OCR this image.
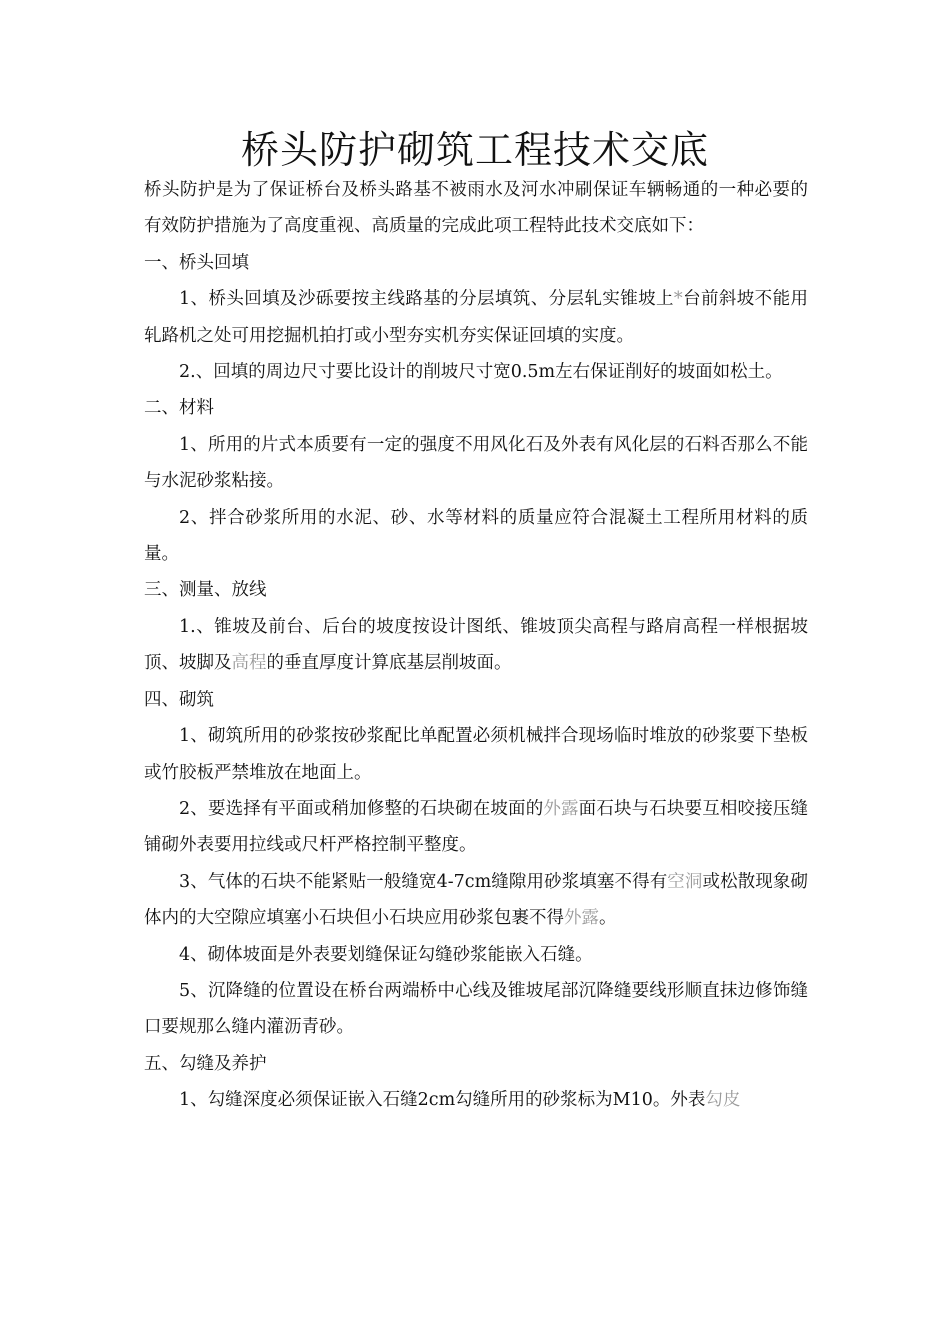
桥头防护砌筑工程技术交底

桥头防护是为了保证桥台及桥头路基不被雨水及河水冲刷保证车辆畅通的一种必要的有效防护措施为了高度重视、高质量的完成此项工程特此技术交底如下：

一、桥头回填

1、桥头回填及沙砾要按主线路基的分层填筑、分层轧实锥坡上*台前斜坡不能用轧路机之处可用挖掘机拍打或小型夯实机夯实保证回填的实度。

2.、回填的周边尺寸要比设计的削坡尺寸宽0.5m左右保证削好的坡面如松土。

二、材料

1、所用的片式本质要有一定的强度不用风化石及外表有风化层的石料否那么不能与水泥砂浆粘接。

2、拌合砂浆所用的水泥、砂、水等材料的质量应符合混凝土工程所用材料的质量。

三、测量、放线

1.、锥坡及前台、后台的坡度按设计图纸、锥坡顶尖高程与路肩高程一样根据坡顶、坡脚及高程的垂直厚度计算底基层削坡面。

四、砌筑

1、砌筑所用的砂浆按砂浆配比单配置必须机械拌合现场临时堆放的砂浆要下垫板或竹胶板严禁堆放在地面上。

2、要选择有平面或稍加修整的石块砌在坡面的外露面石块与石块要互相咬接压缝铺砌外表要用拉线或尺杆严格控制平整度。

3、气体的石块不能紧贴一般缝宽4-7cm缝隙用砂浆填塞不得有空洞或松散现象砌体内的大空隙应填塞小石块但小石块应用砂浆包裹不得外露。

4、砌体坡面是外表要划缝保证勾缝砂浆能嵌入石缝。

5、沉降缝的位置设在桥台两端桥中心线及锥坡尾部沉降缝要线形顺直抹边修饰缝口要规那么缝内灌沥青砂。

五、勾缝及养护

1、勾缝深度必须保证嵌入石缝2cm勾缝所用的砂浆标为M10。外表勾皮
